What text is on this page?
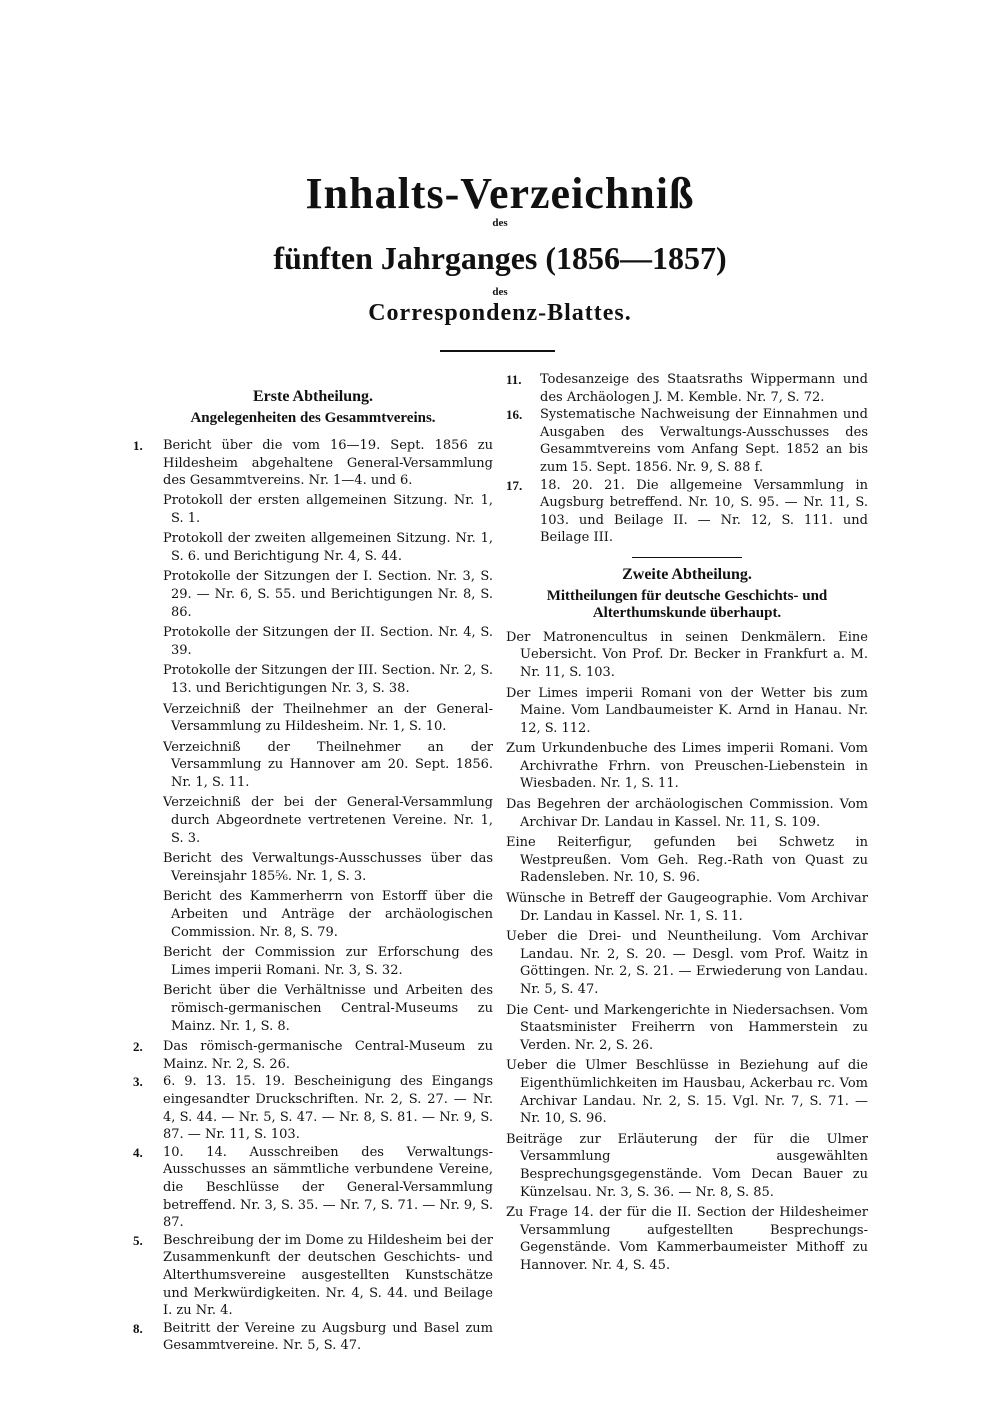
Inhalts-Verzeichniß
des
fünften Jahrganges (1856—1857)
des
Correspondenz-Blattes.
Erste Abtheilung.
Angelegenheiten des Gesammtvereins.
1.	Bericht über die vom 16—19. Sept. 1856 zu Hildesheim abgehaltene General-Versammlung des Gesammtvereins. Nr. 1—4. und 6.
Protokoll der ersten allgemeinen Sitzung. Nr. 1, S. 1.
Protokoll der zweiten allgemeinen Sitzung. Nr. 1, S. 6. und Berichtigung Nr. 4, S. 44.
Protokolle der Sitzungen der I. Section. Nr. 3, S. 29. — Nr. 6, S. 55. und Berichtigungen Nr. 8, S. 86.
Protokolle der Sitzungen der II. Section. Nr. 4, S. 39.
Protokolle der Sitzungen der III. Section. Nr. 2, S. 13. und Berichtigungen Nr. 3, S. 38.
Verzeichniß der Theilnehmer an der General-Versammlung zu Hildesheim. Nr. 1, S. 10.
Verzeichniß der Theilnehmer an der Versammlung zu Hannover am 20. Sept. 1856. Nr. 1, S. 11.
Verzeichniß der bei der General-Versammlung durch Abgeordnete vertretenen Vereine. Nr. 1, S. 3.
Bericht des Verwaltungs-Ausschusses über das Vereinsjahr 185⁵⁄₆. Nr. 1, S. 3.
Bericht des Kammerherrn von Estorff über die Arbeiten und Anträge der archäologischen Commission. Nr. 8, S. 79.
Bericht der Commission zur Erforschung des Limes imperii Romani. Nr. 3, S. 32.
Bericht über die Verhältnisse und Arbeiten des römisch-germanischen Central-Museums zu Mainz. Nr. 1, S. 8.
2.	Das römisch-germanische Central-Museum zu Mainz. Nr. 2, S. 26.
3.	6. 9. 13. 15. 19. Bescheinigung des Eingangs eingesandter Druckschriften. Nr. 2, S. 27. — Nr. 4, S. 44. — Nr. 5, S. 47. — Nr. 8, S. 81. — Nr. 9, S. 87. — Nr. 11, S. 103.
4.	10. 14. Ausschreiben des Verwaltungs-Ausschusses an sämmtliche verbundene Vereine, die Beschlüsse der General-Versammlung betreffend. Nr. 3, S. 35. — Nr. 7, S. 71. — Nr. 9, S. 87.
5.	Beschreibung der im Dome zu Hildesheim bei der Zusammenkunft der deutschen Geschichts- und Alterthumsvereine ausgestellten Kunstschätze und Merkwürdigkeiten. Nr. 4, S. 44. und Beilage I. zu Nr. 4.
8.	Beitritt der Vereine zu Augsburg und Basel zum Gesammtvereine. Nr. 5, S. 47.
11.	Todesanzeige des Staatsraths Wippermann und des Archäologen J. M. Kemble. Nr. 7, S. 72.
16.	Systematische Nachweisung der Einnahmen und Ausgaben des Verwaltungs-Ausschusses des Gesammtvereins vom Anfang Sept. 1852 an bis zum 15. Sept. 1856. Nr. 9, S. 88 f.
17.	18. 20. 21. Die allgemeine Versammlung in Augsburg betreffend. Nr. 10, S. 95. — Nr. 11, S. 103. und Beilage II. — Nr. 12, S. 111. und Beilage III.
Zweite Abtheilung.
Mittheilungen für deutsche Geschichts- und Alterthumskunde überhaupt.
Der Matronencultus in seinen Denkmälern. Eine Uebersicht. Von Prof. Dr. Becker in Frankfurt a. M. Nr. 11, S. 103.
Der Limes imperii Romani von der Wetter bis zum Maine. Vom Landbaumeister K. Arnd in Hanau. Nr. 12, S. 112.
Zum Urkundenbuche des Limes imperii Romani. Vom Archivrathe Frhrn. von Preuschen-Liebenstein in Wiesbaden. Nr. 1, S. 11.
Das Begehren der archäologischen Commission. Vom Archivar Dr. Landau in Kassel. Nr. 11, S. 109.
Eine Reiterfigur, gefunden bei Schwetz in Westpreußen. Vom Geh. Reg.-Rath von Quast zu Radensleben. Nr. 10, S. 96.
Wünsche in Betreff der Gaugeographie. Vom Archivar Dr. Landau in Kassel. Nr. 1, S. 11.
Ueber die Drei- und Neuntheilung. Vom Archivar Landau. Nr. 2, S. 20. — Desgl. vom Prof. Waitz in Göttingen. Nr. 2, S. 21. — Erwiederung von Landau. Nr. 5, S. 47.
Die Cent- und Markengerichte in Niedersachsen. Vom Staatsminister Freiherrn von Hammerstein zu Verden. Nr. 2, S. 26.
Ueber die Ulmer Beschlüsse in Beziehung auf die Eigenthümlichkeiten im Hausbau, Ackerbau rc. Vom Archivar Landau. Nr. 2, S. 15. Vgl. Nr. 7, S. 71. — Nr. 10, S. 96.
Beiträge zur Erläuterung der für die Ulmer Versammlung ausgewählten Besprechungsgegenstände. Vom Decan Bauer zu Künzelsau. Nr. 3, S. 36. — Nr. 8, S. 85.
Zu Frage 14. der für die II. Section der Hildesheimer Versammlung aufgestellten Besprechungs-Gegenstände. Vom Kammerbaumeister Mithoff zu Hannover. Nr. 4, S. 45.
